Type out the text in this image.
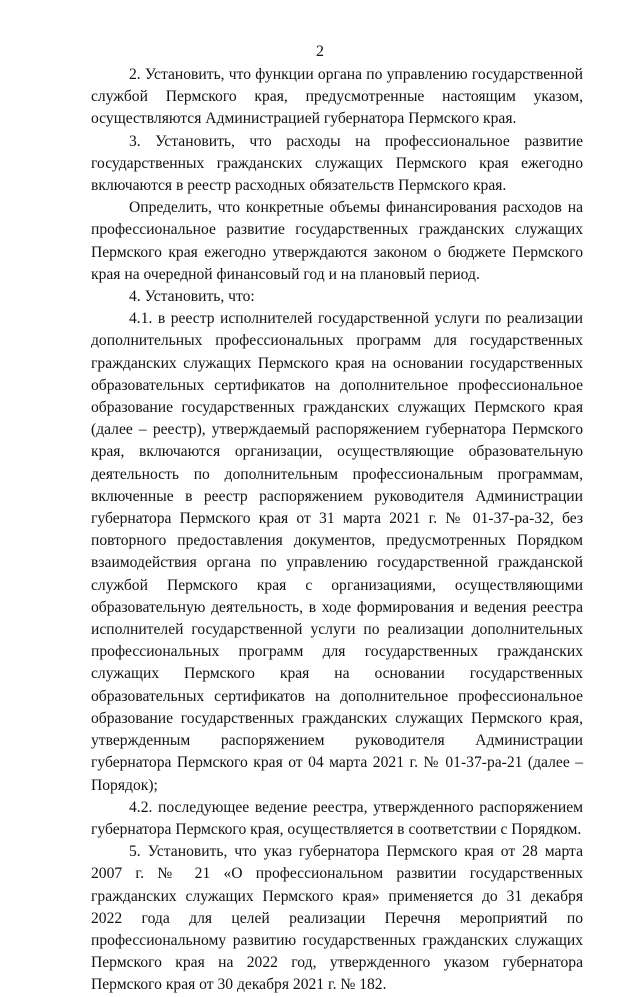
2

2. Установить, что функции органа по управлению государственной службой Пермского края, предусмотренные настоящим указом, осуществляются Администрацией губернатора Пермского края.

3. Установить, что расходы на профессиональное развитие государственных гражданских служащих Пермского края ежегодно включаются в реестр расходных обязательств Пермского края.

Определить, что конкретные объемы финансирования расходов на профессиональное развитие государственных гражданских служащих Пермского края ежегодно утверждаются законом о бюджете Пермского края на очередной финансовый год и на плановый период.

4. Установить, что:

4.1. в реестр исполнителей государственной услуги по реализации дополнительных профессиональных программ для государственных гражданских служащих Пермского края на основании государственных образовательных сертификатов на дополнительное профессиональное образование государственных гражданских служащих Пермского края (далее – реестр), утверждаемый распоряжением губернатора Пермского края, включаются организации, осуществляющие образовательную деятельность по дополнительным профессиональным программам, включенные в реестр распоряжением руководителя Администрации губернатора Пермского края от 31 марта 2021 г. № 01-37-ра-32, без повторного предоставления документов, предусмотренных Порядком взаимодействия органа по управлению государственной гражданской службой Пермского края с организациями, осуществляющими образовательную деятельность, в ходе формирования и ведения реестра исполнителей государственной услуги по реализации дополнительных профессиональных программ для государственных гражданских служащих Пермского края на основании государственных образовательных сертификатов на дополнительное профессиональное образование государственных гражданских служащих Пермского края, утвержденным распоряжением руководителя Администрации губернатора Пермского края от 04 марта 2021 г. № 01-37-ра-21 (далее – Порядок);

4.2. последующее ведение реестра, утвержденного распоряжением губернатора Пермского края, осуществляется в соответствии с Порядком.

5. Установить, что указ губернатора Пермского края от 28 марта 2007 г. № 21 «О профессиональном развитии государственных гражданских служащих Пермского края» применяется до 31 декабря 2022 года для целей реализации Перечня мероприятий по профессиональному развитию государственных гражданских служащих Пермского края на 2022 год, утвержденного указом губернатора Пермского края от 30 декабря 2021 г. № 182.
